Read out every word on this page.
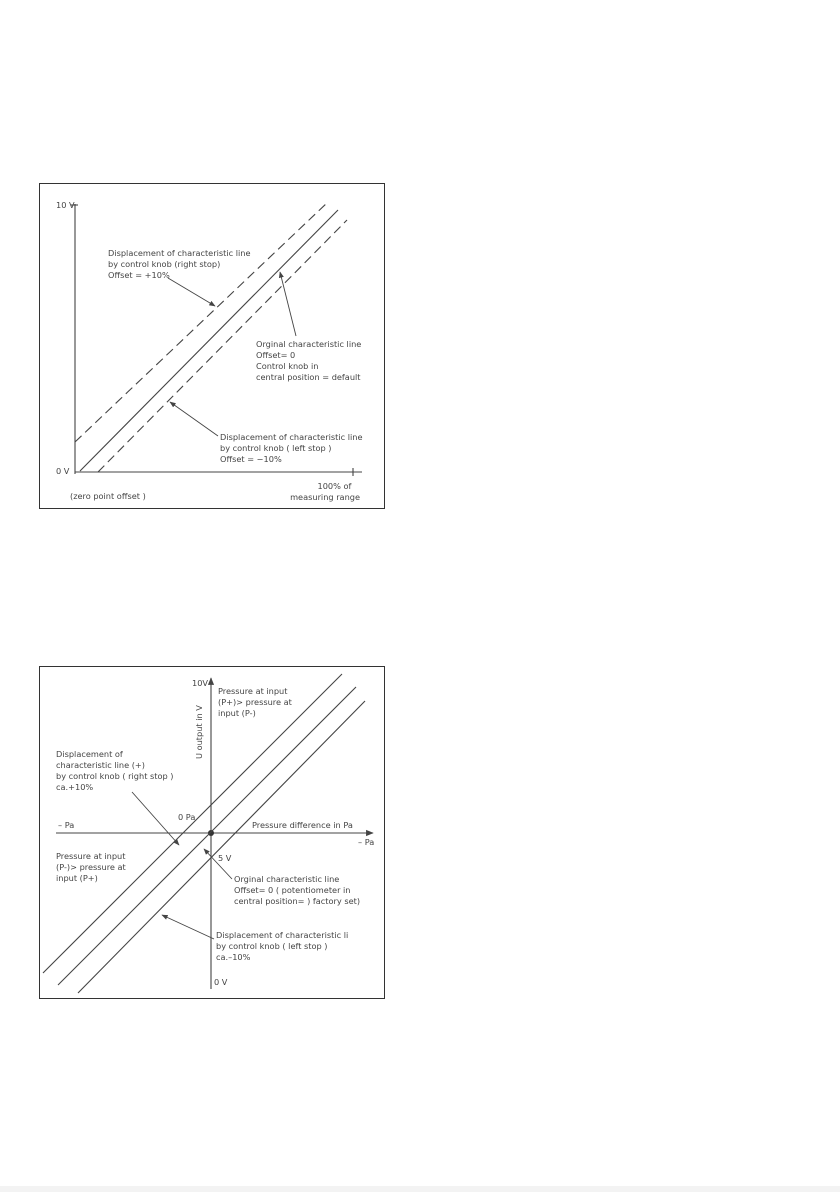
10 V
0 V
(zero point offset )
100% of measuring range
Displacement of characteristic line by control knob (right stop) Offset = +10%
Orginal characteristic line Offset= 0 Control knob in central position = default
Displacement of characteristic line by control knob ( left stop ) Offset = −10%
10V
U output in V
– Pa
– Pa
Pressure difference in Pa
0 Pa
5 V
0 V
Pressure at input (P+)> pressure at input (P-)
Displacement of characteristic line (+) by control knob ( right stop ) ca.+10%
Pressure at input (P-)> pressure at input (P+)	Orginal characteristic line Offset= 0 ( potentiometer in central position= ) factory set)
Displacement of characteristic li by control knob ( left stop ) ca.–10%
